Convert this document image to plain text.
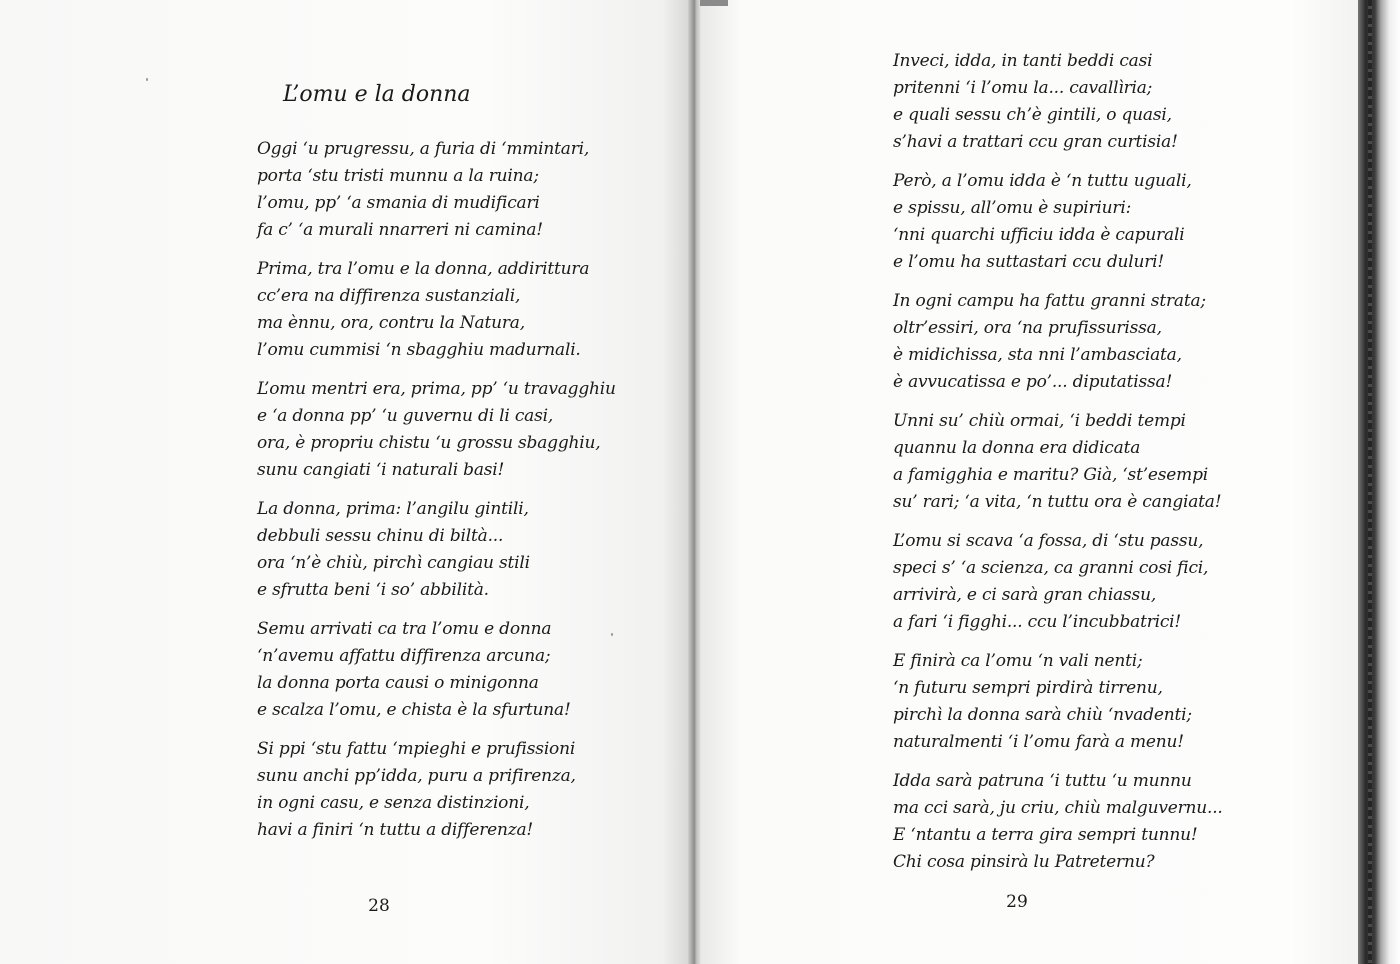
L’omu e la donna
Oggi ‘u prugressu, a furia di ‘mmintari,
porta ‘stu tristi munnu a la ruina;
l’omu, pp’ ‘a smania di mudificari
fa c’ ‘a murali nnarreri ni camina!
Prima, tra l’omu e la donna, addirittura
cc’era na diffirenza sustanziali,
ma ènnu, ora, contru la Natura,
l’omu cummisi ‘n sbagghiu madurnali.
L’omu mentri era, prima, pp’ ‘u travagghiu
e ‘a donna pp’ ‘u guvernu di li casi,
ora, è propriu chistu ‘u grossu sbagghiu,
sunu cangiati ‘i naturali basi!
La donna, prima: l’angilu gintili,
debbuli sessu chinu di biltà...
ora ‘n’è chiù, pirchì cangiau stili
e sfrutta beni ‘i so’ abbilità.
Semu arrivati ca tra l’omu e donna
‘n’avemu affattu diffirenza arcuna;
la donna porta causi o minigonna
e scalza l’omu, e chista è la sfurtuna!
Si ppi ‘stu fattu ‘mpieghi e prufissioni
sunu anchi pp’idda, puru a prifirenza,
in ogni casu, e senza distinzioni,
havi a finiri ‘n tuttu a differenza!
Inveci, idda, in tanti beddi casi
pritenni ‘i l’omu la... cavallìria;
e quali sessu ch’è gintili, o quasi,
s’havi a trattari ccu gran curtisia!
Però, a l’omu idda è ‘n tuttu uguali,
e spissu, all’omu è supiriuri:
‘nni quarchi ufficiu idda è capurali
e l’omu ha suttastari ccu duluri!
In ogni campu ha fattu granni strata;
oltr’essiri, ora ‘na prufissurissa,
è midichissa, sta nni l’ambasciata,
è avvucatissa e po’... diputatissa!
Unni su’ chiù ormai, ‘i beddi tempi
quannu la donna era didicata
a famigghia e maritu? Già, ‘st’esempi
su’ rari; ‘a vita, ‘n tuttu ora è cangiata!
L’omu si scava ‘a fossa, di ‘stu passu,
speci s’ ‘a scienza, ca granni cosi fici,
arrivirà, e ci sarà gran chiassu,
a fari ‘i figghi... ccu l’incubbatrici!
E finirà ca l’omu ‘n vali nenti;
‘n futuru sempri pirdirà tirrenu,
pirchì la donna sarà chiù ‘nvadenti;
naturalmenti ‘i l’omu farà a menu!
Idda sarà patruna ‘i tuttu ‘u munnu
ma cci sarà, ju criu, chiù malguvernu...
E ‘ntantu a terra gira sempri tunnu!
Chi cosa pinsirà lu Patreternu?
28	29
